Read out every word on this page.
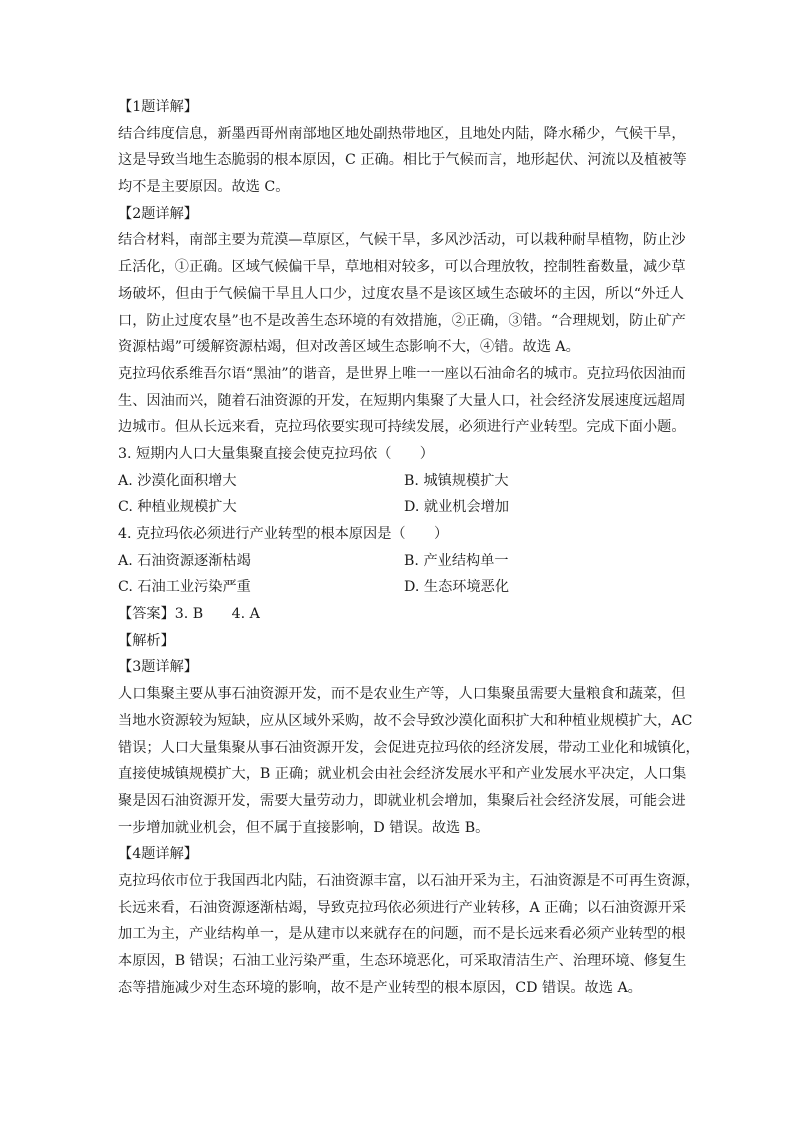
【1题详解】
结合纬度信息，新墨西哥州南部地区地处副热带地区，且地处内陆，降水稀少，气候干旱，
这是导致当地生态脆弱的根本原因，C 正确。相比于气候而言，地形起伏、河流以及植被等
均不是主要原因。故选 C。
【2题详解】
结合材料，南部主要为荒漠—草原区，气候干旱，多风沙活动，可以栽种耐旱植物，防止沙
丘活化，①正确。区域气候偏干旱，草地相对较多，可以合理放牧，控制牲畜数量，减少草
场破坏，但由于气候偏干旱且人口少，过度农垦不是该区域生态破坏的主因，所以“外迁人
口，防止过度农垦”也不是改善生态环境的有效措施，②正确，③错。“合理规划，防止矿产
资源枯竭”可缓解资源枯竭，但对改善区域生态影响不大，④错。故选 A。
克拉玛依系维吾尔语“黑油”的谐音，是世界上唯一一座以石油命名的城市。克拉玛依因油而
生、因油而兴，随着石油资源的开发，在短期内集聚了大量人口，社会经济发展速度远超周
边城市。但从长远来看，克拉玛依要实现可持续发展，必须进行产业转型。完成下面小题。
3. 短期内人口大量集聚直接会使克拉玛依（　　）
A. 沙漠化面积增大	B. 城镇规模扩大
C. 种植业规模扩大	D. 就业机会增加
4. 克拉玛依必须进行产业转型的根本原因是（　　）
A. 石油资源逐渐枯竭	B. 产业结构单一
C. 石油工业污染严重	D. 生态环境恶化
【答案】3. B　　4. A
【解析】
【3题详解】
人口集聚主要从事石油资源开发，而不是农业生产等，人口集聚虽需要大量粮食和蔬菜，但
当地水资源较为短缺，应从区域外采购，故不会导致沙漠化面积扩大和种植业规模扩大，AC
错误；人口大量集聚从事石油资源开发，会促进克拉玛依的经济发展，带动工业化和城镇化，
直接使城镇规模扩大，B 正确；就业机会由社会经济发展水平和产业发展水平决定，人口集
聚是因石油资源开发，需要大量劳动力，即就业机会增加，集聚后社会经济发展，可能会进
一步增加就业机会，但不属于直接影响，D 错误。故选 B。
【4题详解】
克拉玛依市位于我国西北内陆，石油资源丰富，以石油开采为主，石油资源是不可再生资源，
长远来看，石油资源逐渐枯竭，导致克拉玛依必须进行产业转移，A 正确；以石油资源开采
加工为主，产业结构单一，是从建市以来就存在的问题，而不是长远来看必须产业转型的根
本原因，B 错误；石油工业污染严重，生态环境恶化，可采取清洁生产、治理环境、修复生
态等措施减少对生态环境的影响，故不是产业转型的根本原因，CD 错误。故选 A。
